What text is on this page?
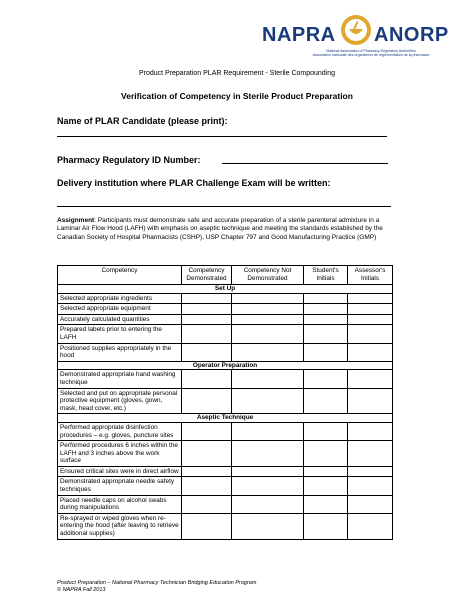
NAPRA ANORP
National Association of Pharmacy Regulatory Authorities
Association nationale des organismes de réglementation de la pharmacie
Product Preparation PLAR Requirement - Sterile Compounding
Verification of Competency in Sterile Product Preparation
Name of PLAR Candidate (please print):
Pharmacy Regulatory ID Number:
Delivery institution where PLAR Challenge Exam will be written:
Assignment: Participants must demonstrate safe and accurate preparation of a sterile parenteral admixture in a Laminar Air Flow Hood (LAFH) with emphasis on aseptic technique and meeting the standards established by the Canadian Society of Hospital Pharmacists (CSHP), USP Chapter 797 and Good Manufacturing Practice (GMP)
Competency	Competency Demonstrated	Competency Not Demonstrated	Student's Initials	Assessor's Initials
Set Up				
Selected appropriate ingredients				
Selected appropriate equipment				
Accurately calculated quantities				
Prepared labels prior to entering the LAFH				
Positioned supplies appropriately in the hood				
Operator Preparation				
Demonstrated appropriate hand washing technique				
Selected and put on appropriate personal protective equipment (gloves, gown, mask, head cover, etc.)				
Aseptic Technique				
Performed appropriate disinfection procedures – e.g. gloves, puncture sites				
Performed procedures 6 inches within the LAFH and 3 inches above the work surface				
Ensured critical sites were in direct airflow				
Demonstrated appropriate needle safety techniques				
Placed needle caps on alcohol swabs during manipulations				
Re-sprayed or wiped gloves when re-entering the hood (after leaving to retrieve additional supplies)				
Product Preparation – National Pharmacy Technician Bridging Education Program
© NAPRA Fall 2013
